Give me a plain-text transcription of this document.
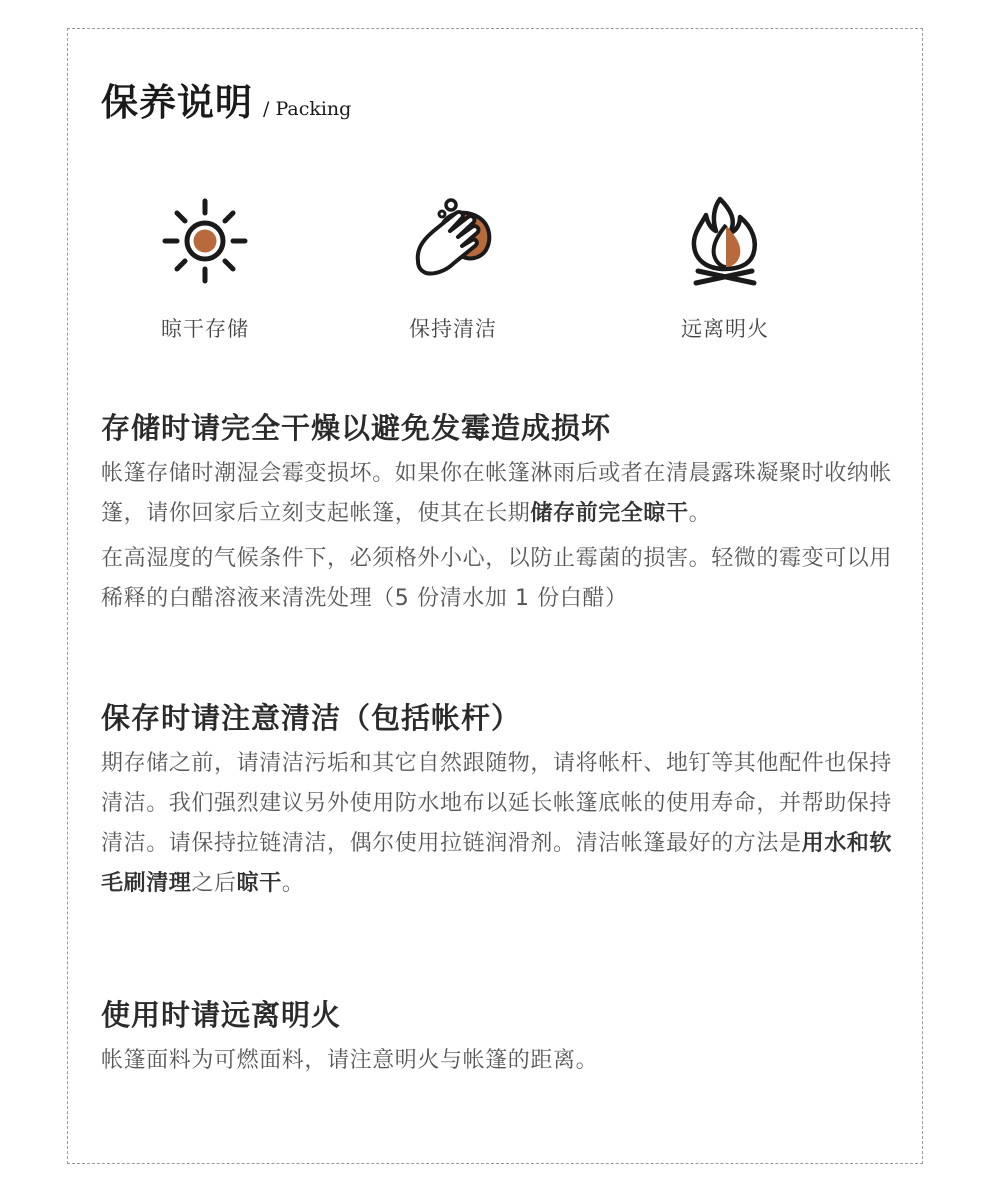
保养说明 / Packing
晾干存储	保持清洁	远离明火
存储时请完全干燥以避免发霉造成损坏

帐篷存储时潮湿会霉变损坏。如果你在帐篷淋雨后或者在清晨露珠凝聚时收纳帐篷，请你回家后立刻支起帐篷，使其在长期储存前完全晾干。

在高湿度的气候条件下，必须格外小心，以防止霉菌的损害。轻微的霉变可以用稀释的白醋溶液来清洗处理（5 份清水加 1 份白醋）

保存时请注意清洁（包括帐杆）

期存储之前，请清洁污垢和其它自然跟随物，请将帐杆、地钉等其他配件也保持清洁。我们强烈建议另外使用防水地布以延长帐篷底帐的使用寿命，并帮助保持清洁。请保持拉链清洁，偶尔使用拉链润滑剂。清洁帐篷最好的方法是用水和软毛刷清理之后晾干。

使用时请远离明火

帐篷面料为可燃面料，请注意明火与帐篷的距离。
